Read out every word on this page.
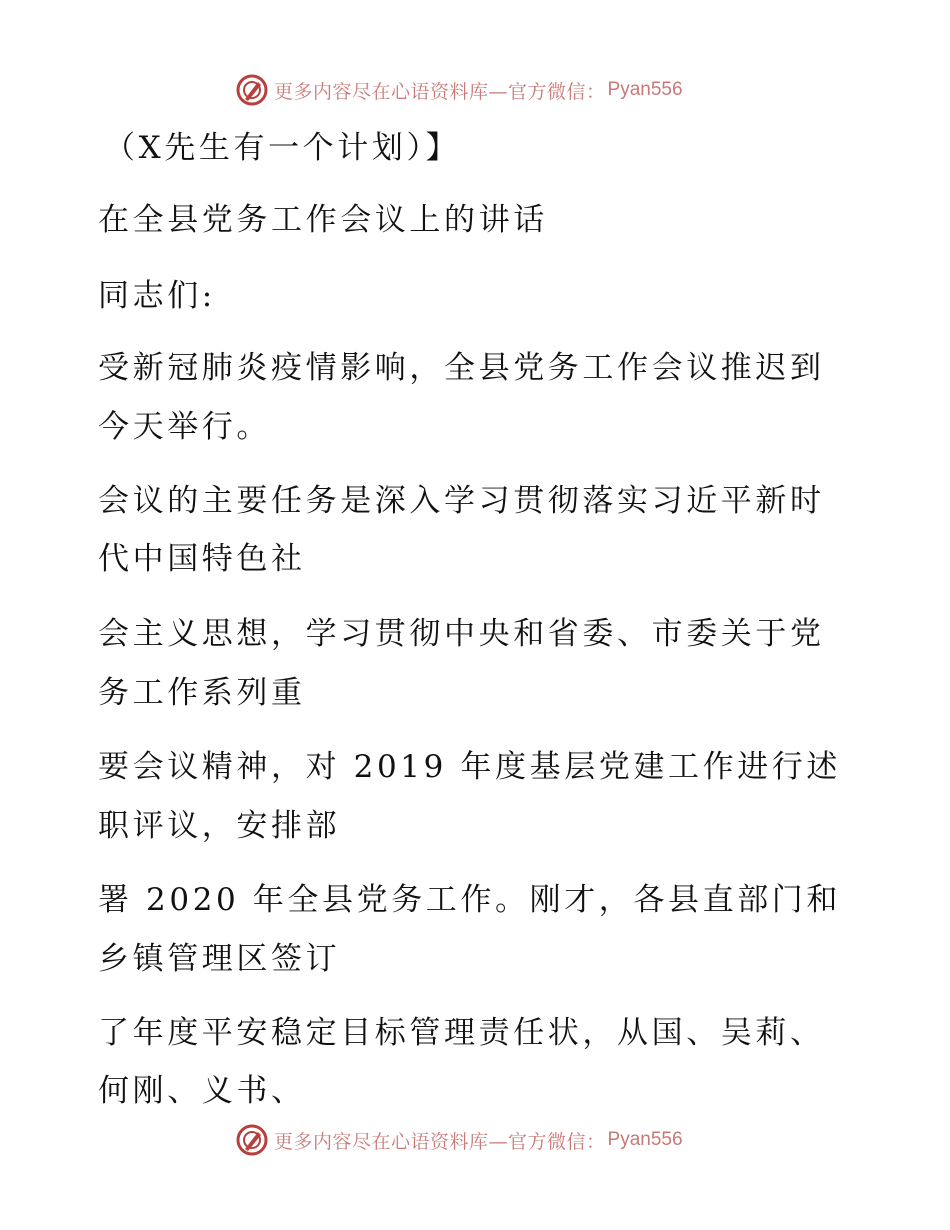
更多内容尽在心语资料库—官方微信： Pyan556
（X先生有一个计划）】
在全县党务工作会议上的讲话
同志们:
受新冠肺炎疫情影响，全县党务工作会议推迟到
今天举行。
会议的主要任务是深入学习贯彻落实习近平新时
代中国特色社
会主义思想，学习贯彻中央和省委、市委关于党
务工作系列重
要会议精神，对 2019 年度基层党建工作进行述
职评议，安排部
署 2020 年全县党务工作。刚才，各县直部门和
乡镇管理区签订
了年度平安稳定目标管理责任状，从国、吴莉、
何刚、义书、
更多内容尽在心语资料库—官方微信： Pyan556
